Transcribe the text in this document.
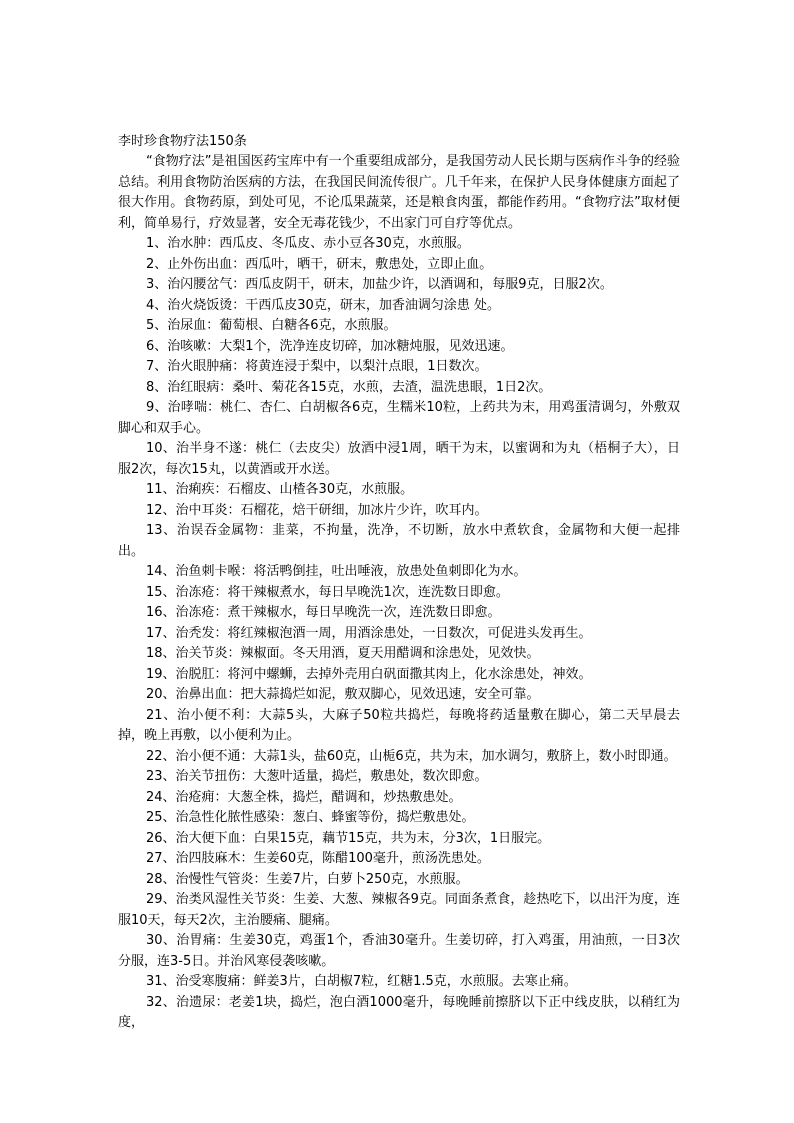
李时珍食物疗法150条

“食物疗法”是祖国医药宝库中有一个重要组成部分，是我国劳动人民长期与医病作斗争的经验总结。利用食物防治医病的方法，在我国民间流传很广。几千年来，在保护人民身体健康方面起了很大作用。食物药原，到处可见，不论瓜果蔬菜，还是粮食肉蛋，都能作药用。“食物疗法”取材便利，简单易行，疗效显著，安全无毒花钱少，不出家门可自疗等优点。

1、治水肿：西瓜皮、冬瓜皮、赤小豆各30克，水煎服。

2、止外伤出血：西瓜叶，晒干，研末，敷患处，立即止血。

3、治闪腰岔气：西瓜皮阴干，研末，加盐少许，以酒调和，每服9克，日服2次。

4、治火烧饭烫：干西瓜皮30克，研末，加香油调匀涂患 处。

5、治尿血：葡萄根、白糖各6克，水煎服。

6、治咳嗽：大梨1个，洗净连皮切碎，加冰糖炖服，见效迅速。

7、治火眼肿痛：将黄连浸于梨中，以梨汁点眼，1日数次。

8、治红眼病：桑叶、菊花各15克，水煎，去渣，温洗患眼，1日2次。

9、治哮喘：桃仁、杏仁、白胡椒各6克，生糯米10粒，上药共为末，用鸡蛋清调匀，外敷双脚心和双手心。

10、治半身不遂：桃仁（去皮尖）放酒中浸1周，晒干为末，以蜜调和为丸（梧桐子大），日服2次，每次15丸，以黄酒或开水送。

11、治痢疾：石榴皮、山楂各30克，水煎服。

12、治中耳炎：石榴花，焙干研细，加冰片少许，吹耳内。

13、治误吞金属物：韭菜，不拘量，洗净，不切断，放水中煮软食，金属物和大便一起排出。

14、治鱼刺卡喉：将活鸭倒挂，吐出唾液，放患处鱼刺即化为水。

15、治冻疮：将干辣椒煮水，每日早晚洗1次，连洗数日即愈。

16、治冻疮：煮干辣椒水，每日早晚洗一次，连洗数日即愈。

17、治秃发：将红辣椒泡酒一周，用酒涂患处，一日数次，可促进头发再生。

18、治关节炎：辣椒面。冬天用酒，夏天用醋调和涂患处，见效快。

19、治脱肛：将河中螺蛳，去掉外壳用白矾面撒其肉上，化水涂患处，神效。

20、治鼻出血：把大蒜捣烂如泥，敷双脚心，见效迅速，安全可靠。

21、治小便不利：大蒜5头，大麻子50粒共捣烂，每晚将药适量敷在脚心，第二天早晨去掉，晚上再敷，以小便利为止。

22、治小便不通：大蒜1头，盐60克，山栀6克，共为末，加水调匀，敷脐上，数小时即通。

23、治关节扭伤：大葱叶适量，捣烂，敷患处，数次即愈。

24、治疮痈：大葱全株，捣烂，醋调和，炒热敷患处。

25、治急性化脓性感染：葱白、蜂蜜等份，捣烂敷患处。

26、治大便下血：白果15克，藕节15克，共为末，分3次，1日服完。

27、治四肢麻木：生姜60克，陈醋100毫升，煎汤洗患处。

28、治慢性气管炎：生姜7片，白萝卜250克，水煎服。

29、治类风湿性关节炎：生姜、大葱、辣椒各9克。同面条煮食，趁热吃下，以出汗为度，连服10天，每天2次，主治腰痛、腿痛。

30、治胃痛：生姜30克，鸡蛋1个，香油30毫升。生姜切碎，打入鸡蛋，用油煎，一日3次分服，连3-5日。并治风寒侵袭咳嗽。

31、治受寒腹痛：鲜姜3片，白胡椒7粒，红糖1.5克，水煎服。去寒止痛。

32、治遗尿：老姜1块，捣烂，泡白酒1000毫升，每晚睡前擦脐以下正中线皮肤，以稍红为度，
